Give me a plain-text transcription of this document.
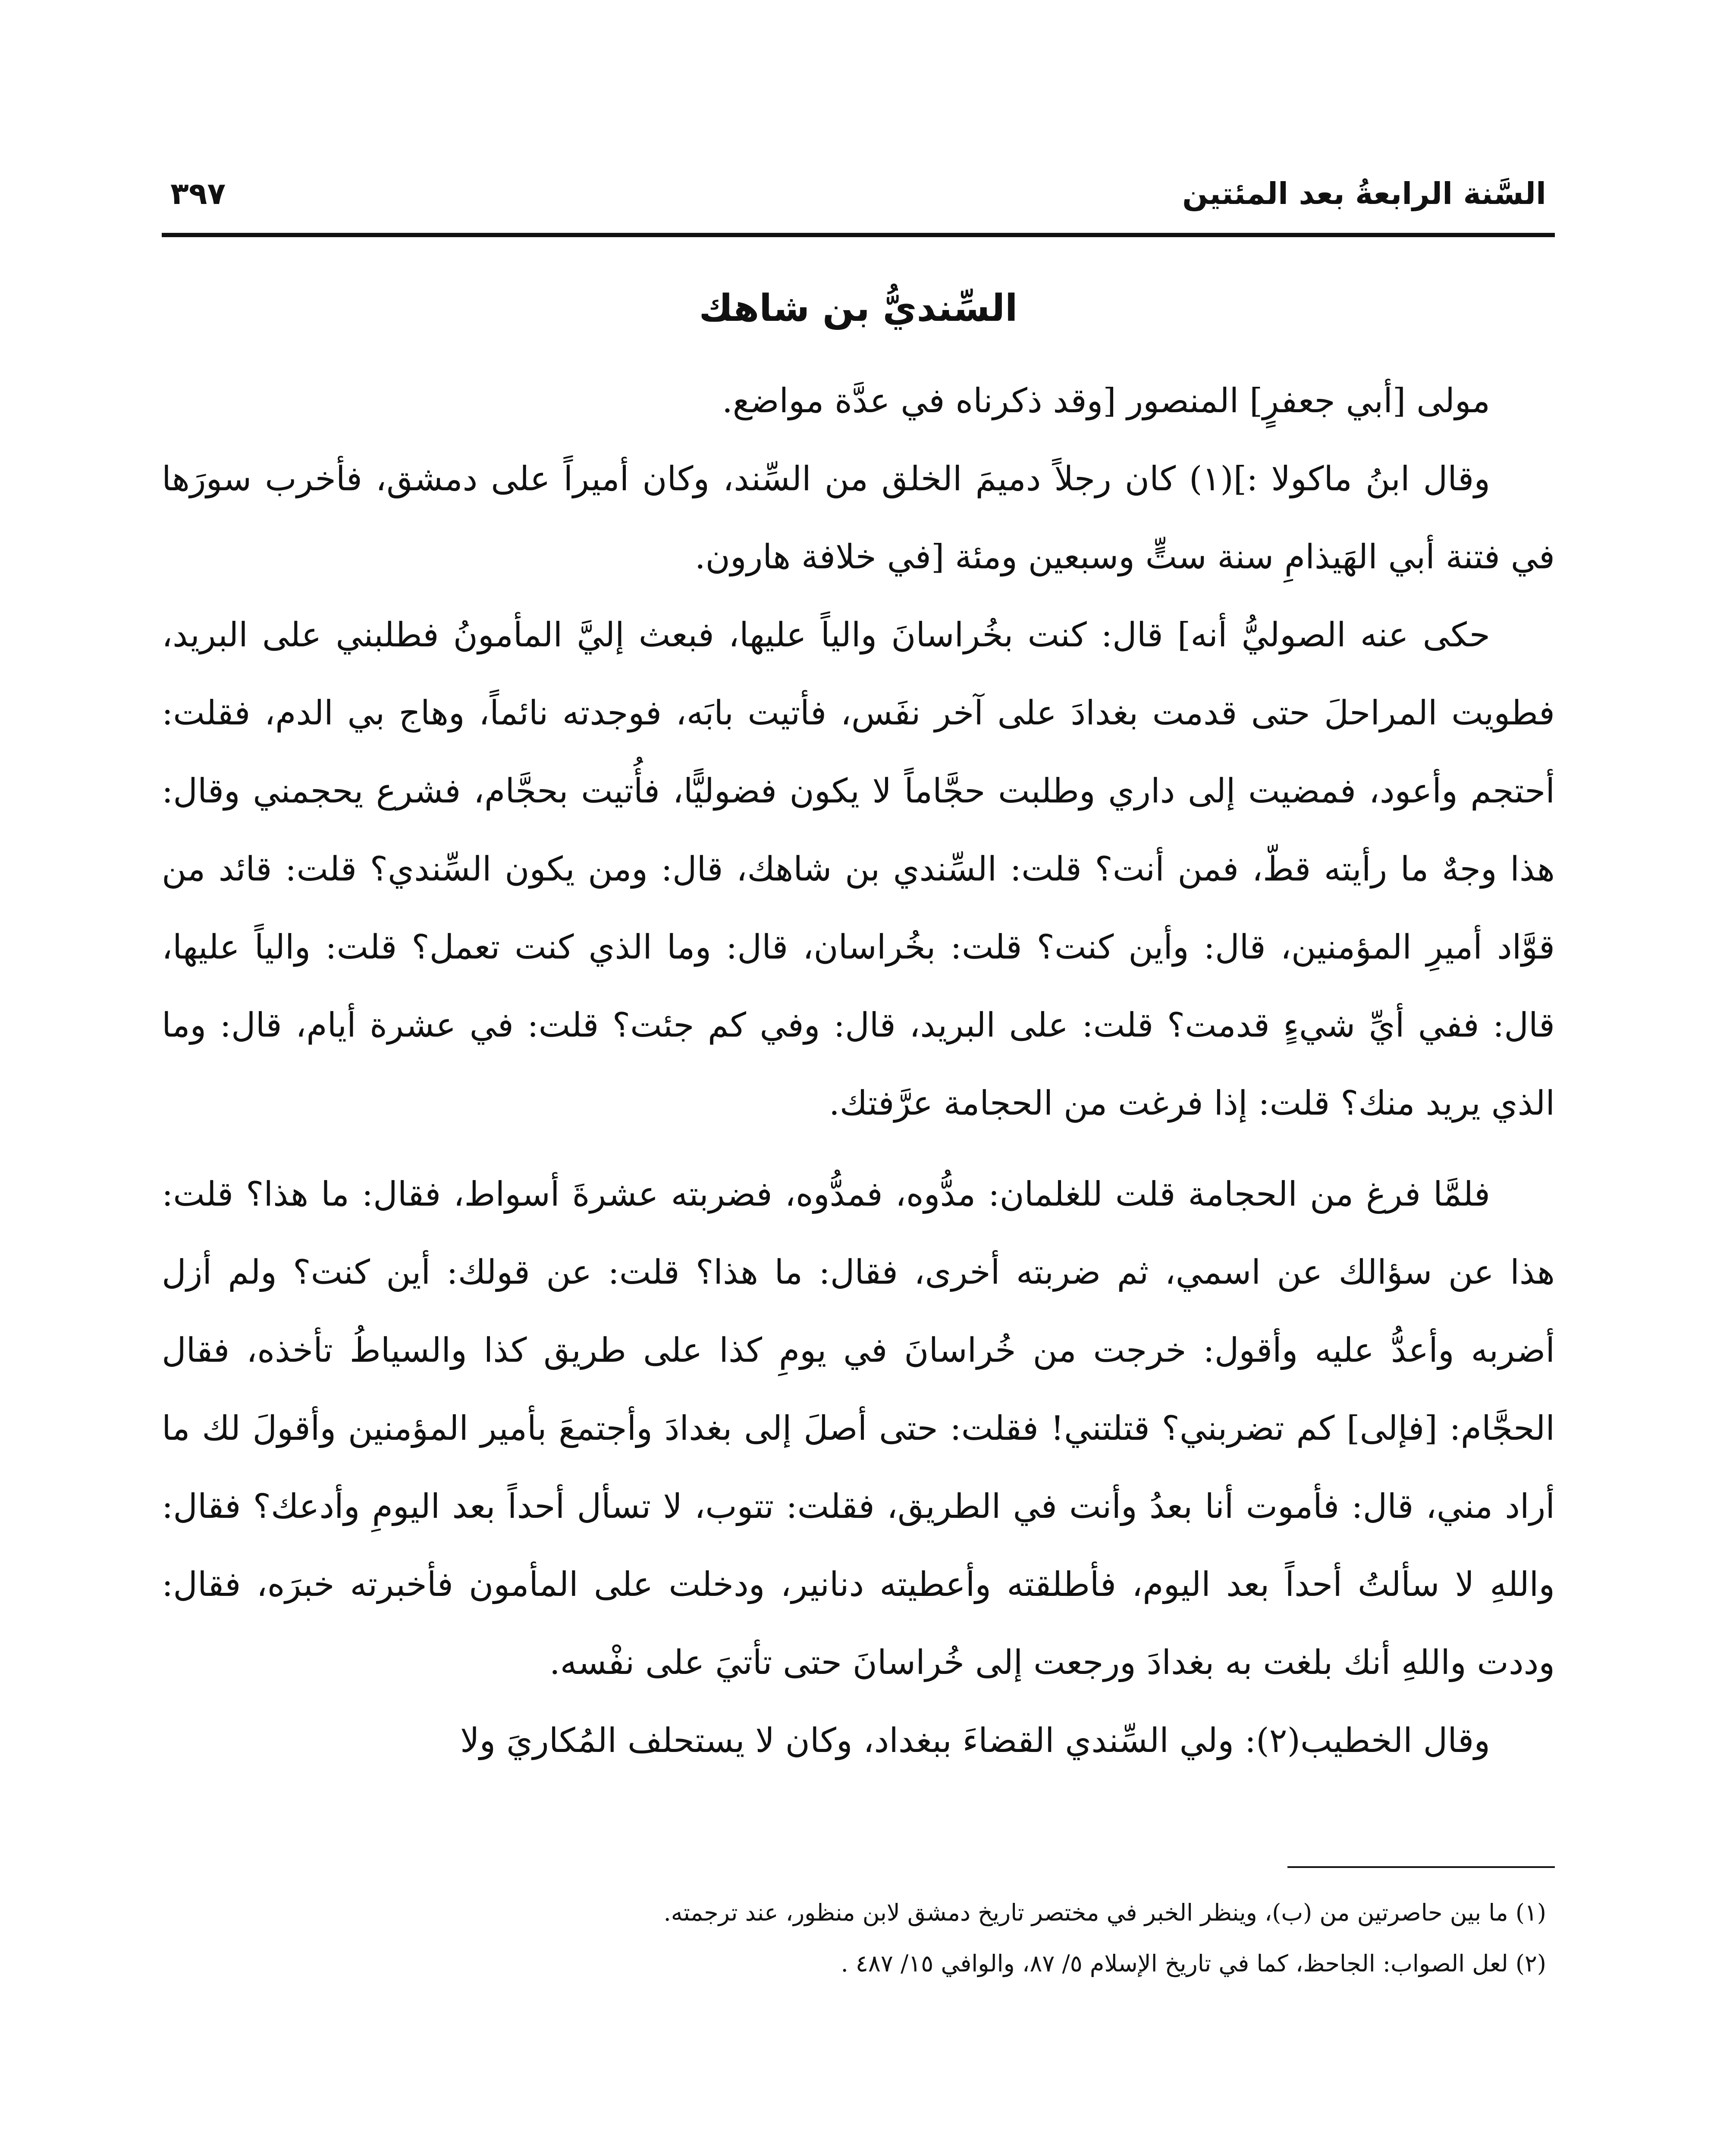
السَّنة الرابعةُ بعد المئتين
٣٩٧
السِّنديُّ بن شاهك

مولى [أبي جعفرٍ] المنصور [وقد ذكرناه في عدَّة مواضع.

وقال ابنُ ماكولا :](١) كان رجلاً دميمَ الخلق من السِّند، وكان أميراً على دمشق، فأخرب سورَها في فتنة أبي الهَيذامِ سنة ستٍّ وسبعين ومئة [في خلافة هارون.

حكى عنه الصوليُّ أنه] قال: كنت بخُراسانَ والياً عليها، فبعث إليَّ المأمونُ فطلبني على البريد، فطويت المراحلَ حتى قدمت بغدادَ على آخر نفَس، فأتيت بابَه، فوجدته نائماً، وهاج بي الدم، فقلت: أحتجم وأعود، فمضيت إلى داري وطلبت حجَّاماً لا يكون فضوليًّا، فأُتيت بحجَّام، فشرع يحجمني وقال: هذا وجهٌ ما رأيته قطّ، فمن أنت؟ قلت: السِّندي بن شاهك، قال: ومن يكون السِّندي؟ قلت: قائد من قوَّاد أميرِ المؤمنين، قال: وأين كنت؟ قلت: بخُراسان، قال: وما الذي كنت تعمل؟ قلت: والياً عليها، قال: ففي أيِّ شيءٍ قدمت؟ قلت: على البريد، قال: وفي كم جئت؟ قلت: في عشرة أيام، قال: وما الذي يريد منك؟ قلت: إذا فرغت من الحجامة عرَّفتك.

فلمَّا فرغ من الحجامة قلت للغلمان: مدُّوه، فمدُّوه، فضربته عشرةَ أسواط، فقال: ما هذا؟ قلت: هذا عن سؤالك عن اسمي، ثم ضربته أخرى، فقال: ما هذا؟ قلت: عن قولك: أين كنت؟ ولم أزل أضربه وأعدُّ عليه وأقول: خرجت من خُراسانَ في يومِ كذا على طريق كذا والسياطُ تأخذه، فقال الحجَّام: [فإلى] كم تضربني؟ قتلتني! فقلت: حتى أصلَ إلى بغدادَ وأجتمعَ بأمير المؤمنين وأقولَ لك ما أراد مني، قال: فأموت أنا بعدُ وأنت في الطريق، فقلت: تتوب، لا تسأل أحداً بعد اليومِ وأدعك؟ فقال: واللهِ لا سألتُ أحداً بعد اليوم، فأطلقته وأعطيته دنانير، ودخلت على المأمون فأخبرته خبرَه، فقال: وددت واللهِ أنك بلغت به بغدادَ ورجعت إلى خُراسانَ حتى تأتيَ على نفْسه.

وقال الخطيب(٢): ولي السِّندي القضاءَ ببغداد، وكان لا يستحلف المُكاريَ ولا

(١) ما بين حاصرتين من (ب)، وينظر الخبر في مختصر تاريخ دمشق لابن منظور، عند ترجمته.

(٢) لعل الصواب: الجاحظ، كما في تاريخ الإسلام ٥/ ٨٧، والوافي ١٥/ ٤٨٧ .
